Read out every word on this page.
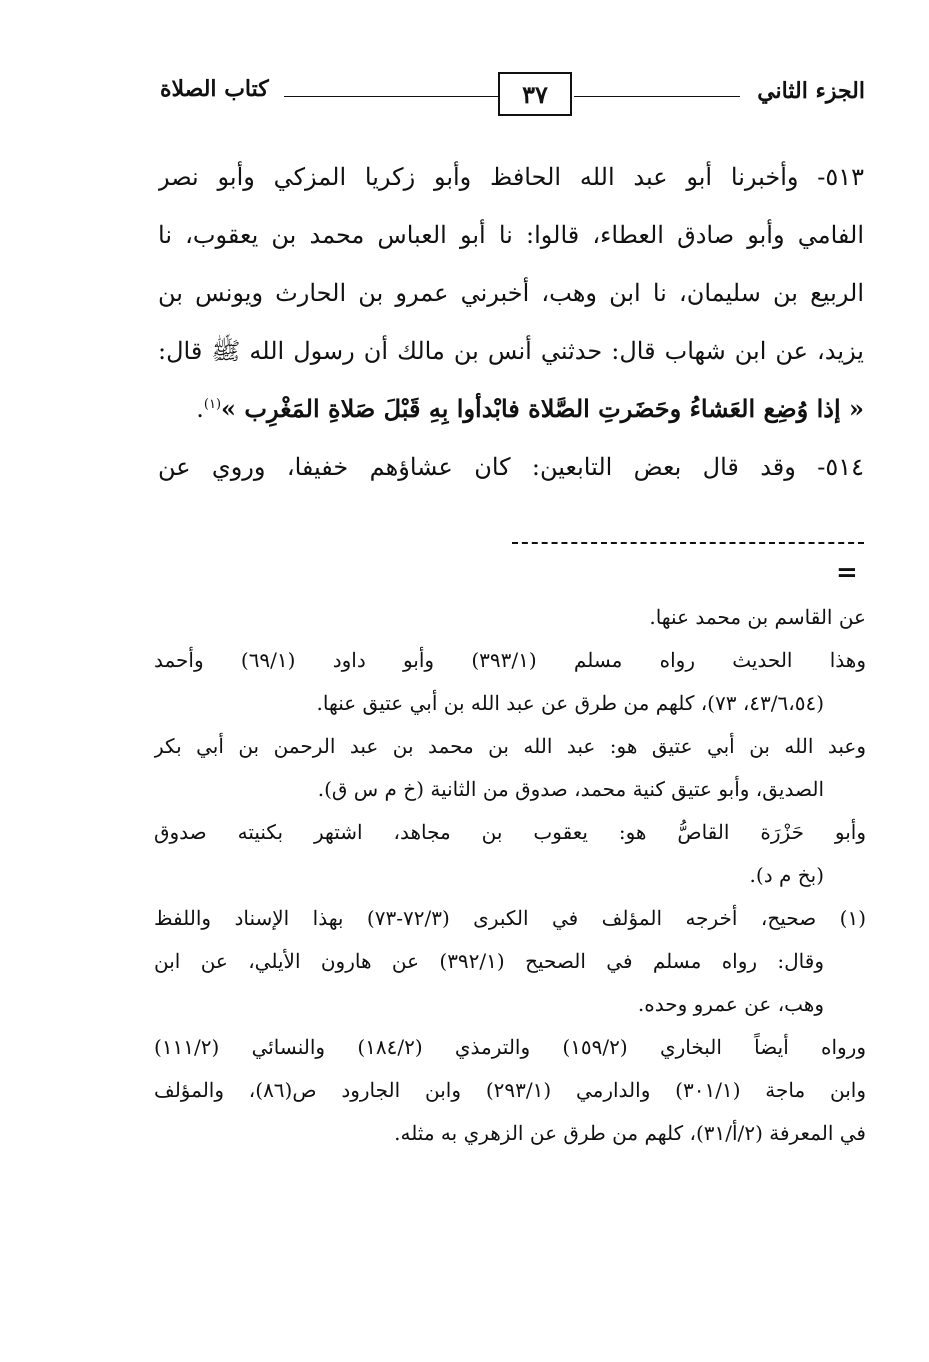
الجزء الثاني
٣٧
كتاب الصلاة
٥١٣- وأخبرنا أبو عبد الله الحافظ وأبو زكريا المزكي وأبو نصر
الفامي وأبو صادق العطاء، قالوا: نا أبو العباس محمد بن يعقوب، نا
الربيع بن سليمان، نا ابن وهب، أخبرني عمرو بن الحارث ويونس بن
يزيد، عن ابن شهاب قال: حدثني أنس بن مالك أن رسول الله ﷺ قال:
« إذا وُضِع العَشاءُ وحَضَرتِ الصَّلاة فابْدأوا بِهِ قَبْلَ صَلاةِ المَغْرِب »$^{(١)}$.
٥١٤- وقد قال بعض التابعين: كان عشاؤهم خفيفا، وروي عن
=
عن القاسم بن محمد عنها.
وهذا الحديث رواه مسلم (٣٩٣/١) وأبو داود (٦٩/١) وأحمد
(٤٣/٦،٥٤، ٧٣)، كلهم من طرق عن عبد الله بن أبي عتيق عنها.
وعبد الله بن أبي عتيق هو: عبد الله بن محمد بن عبد الرحمن بن أبي بكر
الصديق، وأبو عتيق كنية محمد، صدوق من الثانية (خ م س ق).
وأبو حَزْرَة القاصُّ هو: يعقوب بن مجاهد، اشتهر بكنيته صدوق
(بخ م د).
(١) صحيح، أخرجه المؤلف في الكبرى (٧٢/٣-٧٣) بهذا الإسناد واللفظ
وقال: رواه مسلم في الصحيح (٣٩٢/١) عن هارون الأيلي، عن ابن
وهب، عن عمرو وحده.
ورواه أيضاً البخاري (١٥٩/٢) والترمذي (١٨٤/٢) والنسائي (١١١/٢)
وابن ماجة (٣٠١/١) والدارمي (٢٩٣/١) وابن الجارود ص(٨٦)، والمؤلف
في المعرفة (٢/أ/٣١)، كلهم من طرق عن الزهري به مثله.
